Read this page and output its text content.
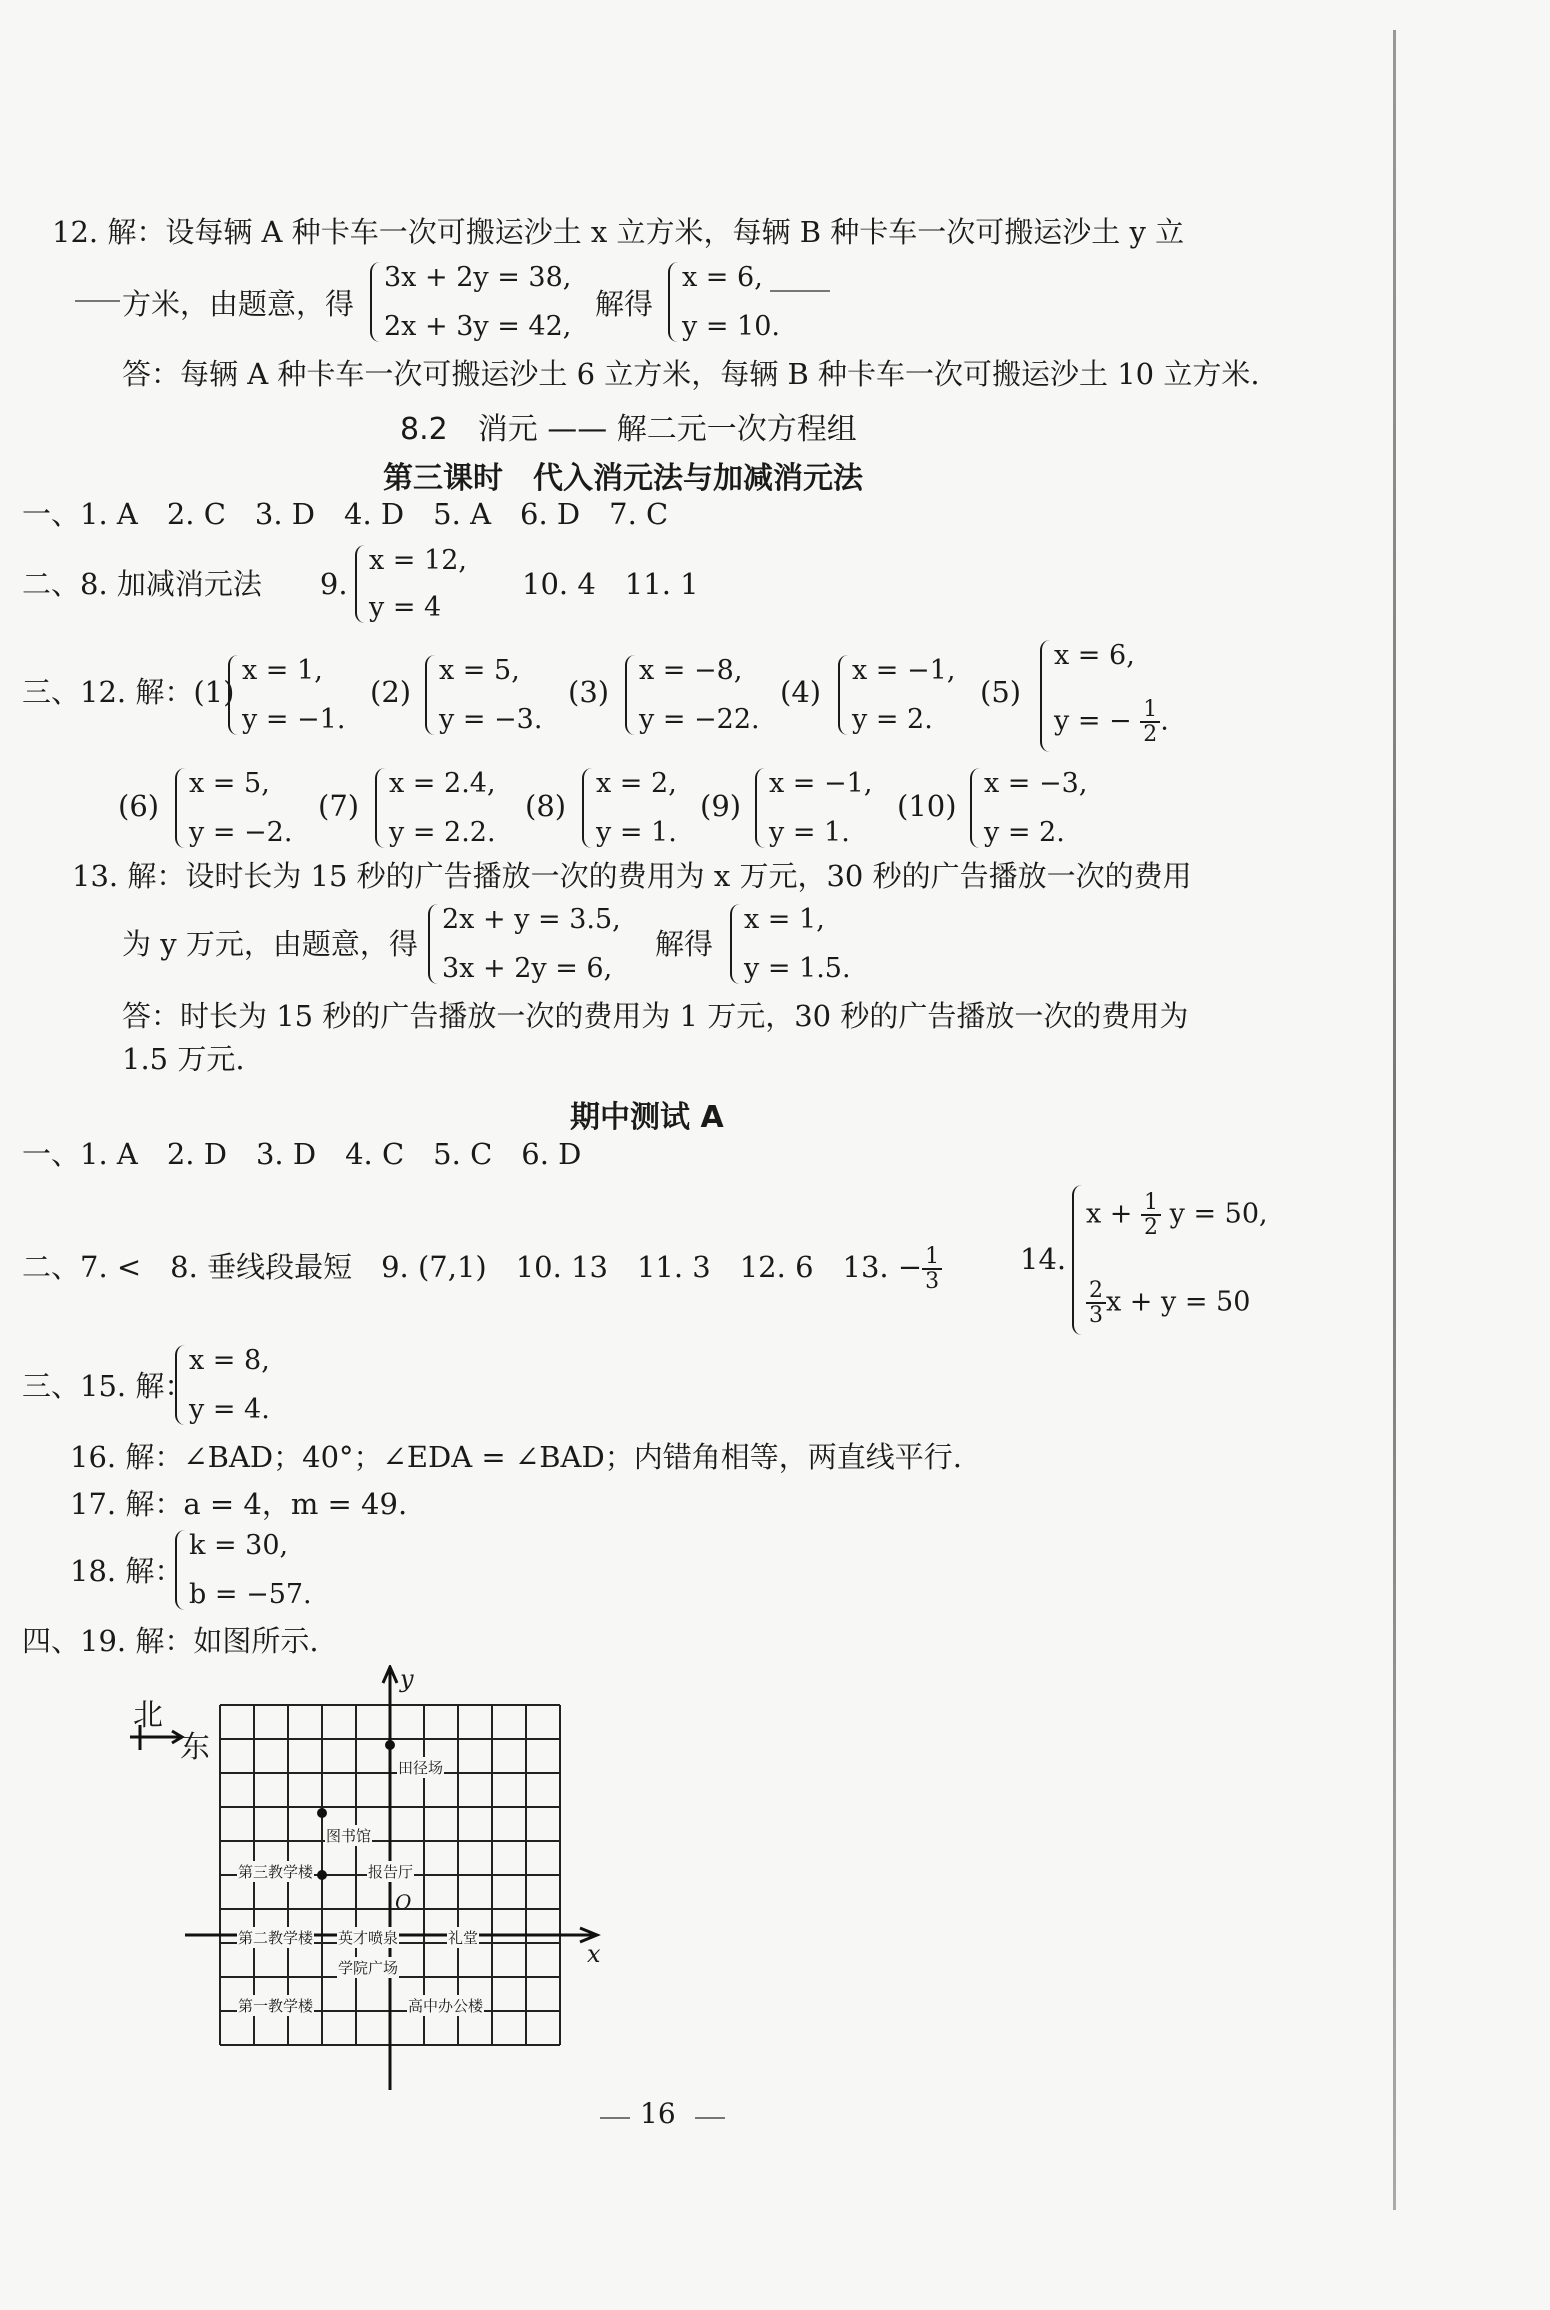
12. 解：设每辆 A 种卡车一次可搬运沙土 x 立方米，每辆 B 种卡车一次可搬运沙土 y 立
方米，由题意，得
3x + 2y = 38,
2x + 3y = 42,
解得
x = 6,
y = 10.
答：每辆 A 种卡车一次可搬运沙土 6 立方米，每辆 B 种卡车一次可搬运沙土 10 立方米.
8.2　消元 —— 解二元一次方程组
第三课时　代入消元法与加减消元法
一、1. A　2. C　3. D　4. D　5. A　6. D　7. C
二、8. 加减消元法　　9.
x = 12,
y = 4
10. 4　11. 1
三、12. 解：(1)
x = 1,
y = −1.
(2)
x = 5,
y = −3.
(3)
x = −8,
y = −22.
(4)
x = −1,
y = 2.
(5)
x = 6,
y = − $\frac{1}{2}$ .
(6)
x = 5,
y = −2.
(7)
x = 2.4,
y = 2.2.
(8)
x = 2,
y = 1.
(9)
x = −1,
y = 1.
(10)
x = −3,
y = 2.
13. 解：设时长为 15 秒的广告播放一次的费用为 x 万元，30 秒的广告播放一次的费用
为 y 万元，由题意，得
2x + y = 3.5,
3x + 2y = 6,
解得
x = 1,
y = 1.5.
答：时长为 15 秒的广告播放一次的费用为 1 万元，30 秒的广告播放一次的费用为
1.5 万元.
期中测试 A
一、1. A　2. D　3. D　4. C　5. C　6. D
二、7. <　8. 垂线段最短　9. (7,1)　10. 13　11. 3　12. 6　13. − $\frac{1}{3}$	14.
$x + \frac{1}{2}$ y = 50,
$\frac{2}{3}$ x + y = 50
三、15. 解：
x = 8,
y = 4.
16. 解：∠BAD；40°；∠EDA = ∠BAD；内错角相等，两直线平行.
17. 解：a = 4，m = 49.
18. 解：
k = 30,
b = −57.
四、19. 解：如图所示.
北
东
y
x
O
田径场
图书馆
第三教学楼	报告厅
第二教学楼 英才喷泉	礼堂
学院广场
第一教学楼	高中办公楼
16
